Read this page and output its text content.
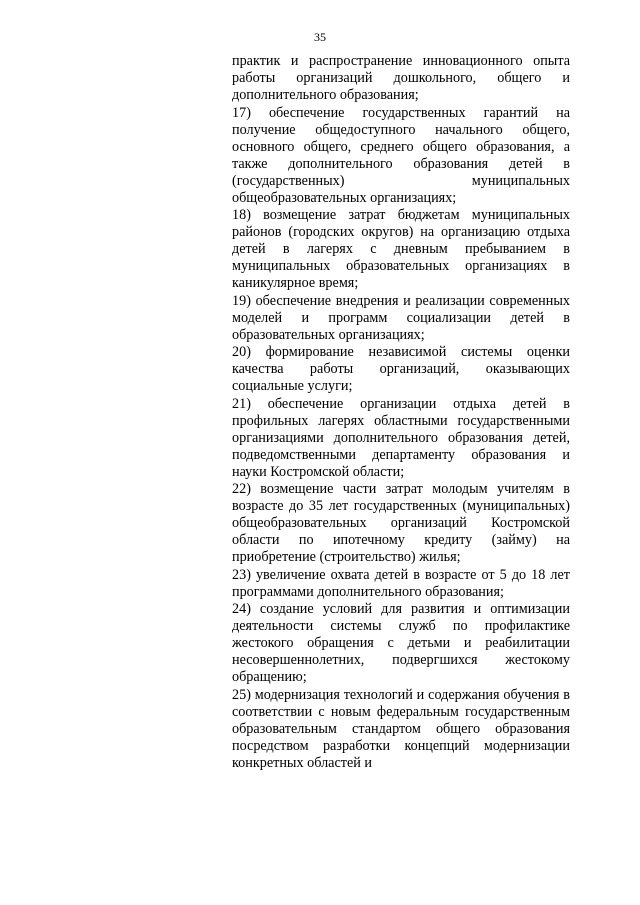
35

практик и распространение инновационного опыта работы организаций дошкольного, общего и дополнительного образования;

17) обеспечение государственных гарантий на получение общедоступного начального общего, основного общего, среднего общего образования, а также дополнительного образования детей в (государственных) муниципальных общеобразовательных организациях;

18) возмещение затрат бюджетам муниципальных районов (городских округов) на организацию отдыха детей в лагерях с дневным пребыванием в муниципальных образовательных организациях в каникулярное время;

19) обеспечение внедрения и реализации современных моделей и программ социализации детей в образовательных организациях;

20) формирование независимой системы оценки качества работы организаций, оказывающих социальные услуги;

21) обеспечение организации отдыха детей в профильных лагерях областными государственными организациями дополнительного образования детей, подведомственными департаменту образования и науки Костромской области;

22) возмещение части затрат молодым учителям в возрасте до 35 лет государственных (муниципальных) общеобразовательных организаций Костромской области по ипотечному кредиту (займу) на приобретение (строительство) жилья;

23) увеличение охвата детей в возрасте от 5 до 18 лет программами дополнительного образования;

24) создание условий для развития и оптимизации деятельности системы служб по профилактике жестокого обращения с детьми и реабилитации несовершеннолетних, подвергшихся жестокому обращению;

25) модернизация технологий и содержания обучения в соответствии с новым федеральным государственным образовательным стандартом общего образования посредством разработки концепций модернизации конкретных областей и
